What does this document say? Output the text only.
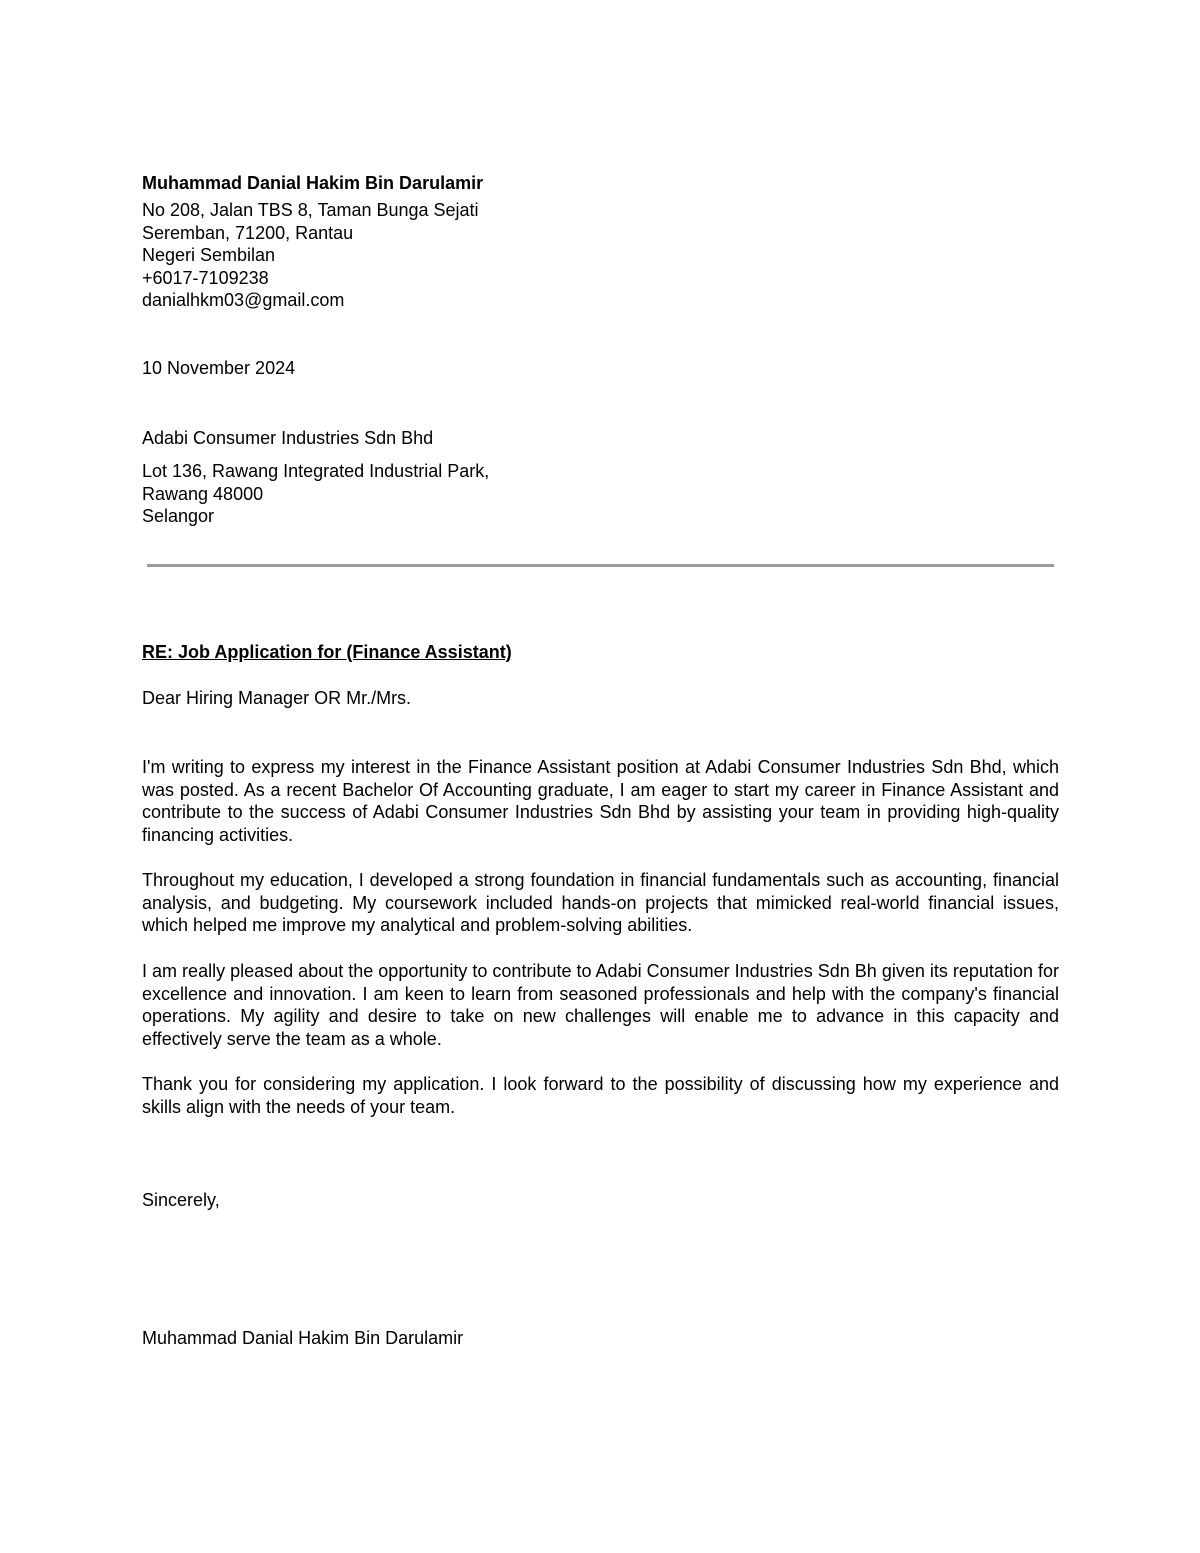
Muhammad Danial Hakim Bin Darulamir

No 208, Jalan TBS 8, Taman Bunga Sejati
Seremban, 71200, Rantau
Negeri Sembilan
+6017-7109238
danialhkm03@gmail.com

10 November 2024

Adabi Consumer Industries Sdn Bhd

Lot 136, Rawang Integrated Industrial Park,
Rawang 48000
Selangor

RE: Job Application for (Finance Assistant)

Dear Hiring Manager OR Mr./Mrs.

I'm writing to express my interest in the Finance Assistant position at Adabi Consumer Industries Sdn Bhd, which was posted. As a recent Bachelor Of Accounting graduate, I am eager to start my career in Finance Assistant and contribute to the success of Adabi Consumer Industries Sdn Bhd by assisting your team in providing high-quality financing activities.

Throughout my education, I developed a strong foundation in financial fundamentals such as accounting, financial analysis, and budgeting. My coursework included hands-on projects that mimicked real-world financial issues, which helped me improve my analytical and problem-solving abilities.

I am really pleased about the opportunity to contribute to Adabi Consumer Industries Sdn Bh given its reputation for excellence and innovation. I am keen to learn from seasoned professionals and help with the company's financial operations. My agility and desire to take on new challenges will enable me to advance in this capacity and effectively serve the team as a whole.

Thank you for considering my application. I look forward to the possibility of discussing how my experience and skills align with the needs of your team.

Sincerely,

Muhammad Danial Hakim Bin Darulamir
